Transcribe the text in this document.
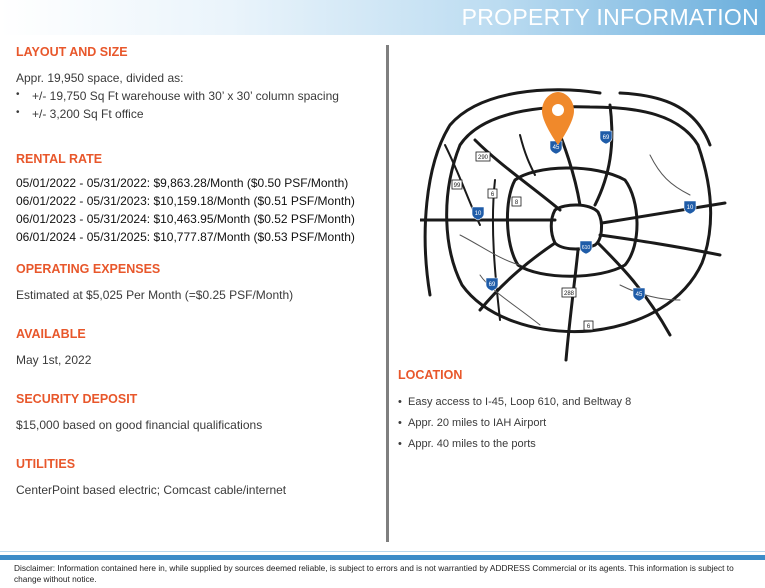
PROPERTY INFORMATION

LAYOUT AND SIZE

Appr. 19,950 space, divided as:

• +/- 19,750 Sq Ft warehouse with 30’ x 30’ column spacing
• +/- 3,200 Sq Ft office

RENTAL RATE

05/01/2022 - 05/31/2022: $9,863.28/Month ($0.50 PSF/Month)
06/01/2022 - 05/31/2023: $10,159.18/Month ($0.51 PSF/Month)
06/01/2023 - 05/31/2024: $10,463.95/Month ($0.52 PSF/Month)
06/01/2024 - 05/31/2025: $10,777.87/Month ($0.53 PSF/Month)

OPERATING EXPENSES

Estimated at $5,025 Per Month (=$0.25 PSF/Month)

AVAILABLE

May 1st, 2022

SECURITY DEPOSIT

$15,000 based on good financial qualifications

UTILITIES

CenterPoint based electric; Comcast cable/internet

45
69
290
99
6
8
10
10
610
69
288	45
6

LOCATION

• Easy access to I-45, Loop 610, and Beltway 8
• Appr. 20 miles to IAH Airport
• Appr. 40 miles to the ports
Disclaimer: Information contained here in, while supplied by sources deemed reliable, is subject to errors and is not warrantied by ADDRESS Commercial or its agents. This information is subject to change without notice.
